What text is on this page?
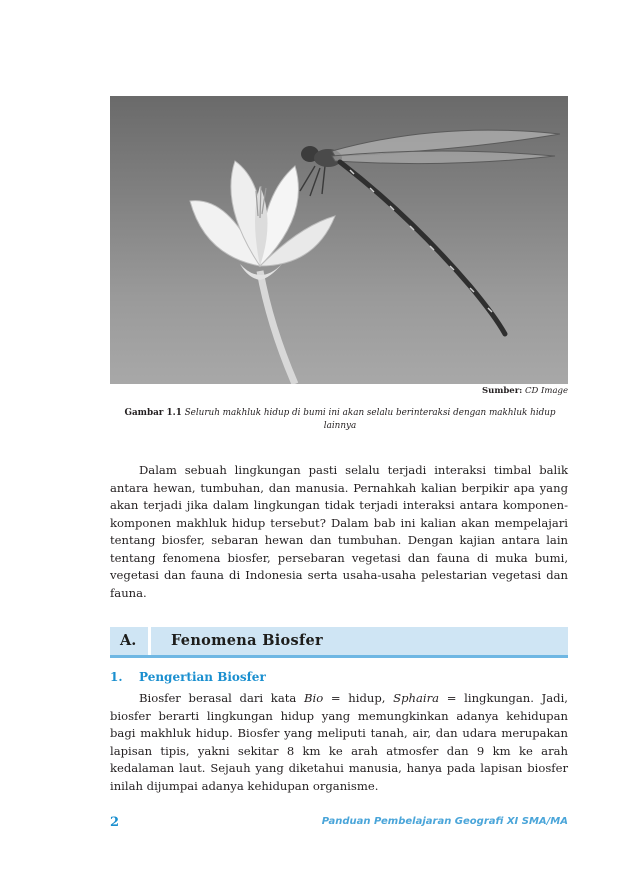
Sumber: CD Image
Gambar 1.1 Seluruh makhluk hidup di bumi ini akan selalu berinteraksi dengan makhluk hidup lainnya

Dalam sebuah lingkungan pasti selalu terjadi interaksi timbal balik antara hewan, tumbuhan, dan manusia. Pernahkah kalian berpikir apa yang akan terjadi jika dalam lingkungan tidak terjadi interaksi antara komponen-komponen makhluk hidup tersebut? Dalam bab ini kalian akan mempelajari tentang biosfer, sebaran hewan dan tumbuhan. Dengan kajian antara lain tentang fenomena biosfer, persebaran vegetasi dan fauna di muka bumi, vegetasi dan fauna di Indonesia serta usaha-usaha pelestarian vegetasi dan fauna.

A. Fenomena Biosfer
1. Pengertian Biosfer

Biosfer berasal dari kata Bio = hidup, Sphaira = lingkungan. Jadi, biosfer berarti lingkungan hidup yang memungkinkan adanya kehidupan bagi makhluk hidup. Biosfer yang meliputi tanah, air, dan udara merupakan lapisan tipis, yakni sekitar 8 km ke arah atmosfer dan 9 km ke arah kedalaman laut. Sejauh yang diketahui manusia, hanya pada lapisan biosfer inilah dijumpai adanya kehidupan organisme.

2	Panduan Pembelajaran Geografi XI SMA/MA
